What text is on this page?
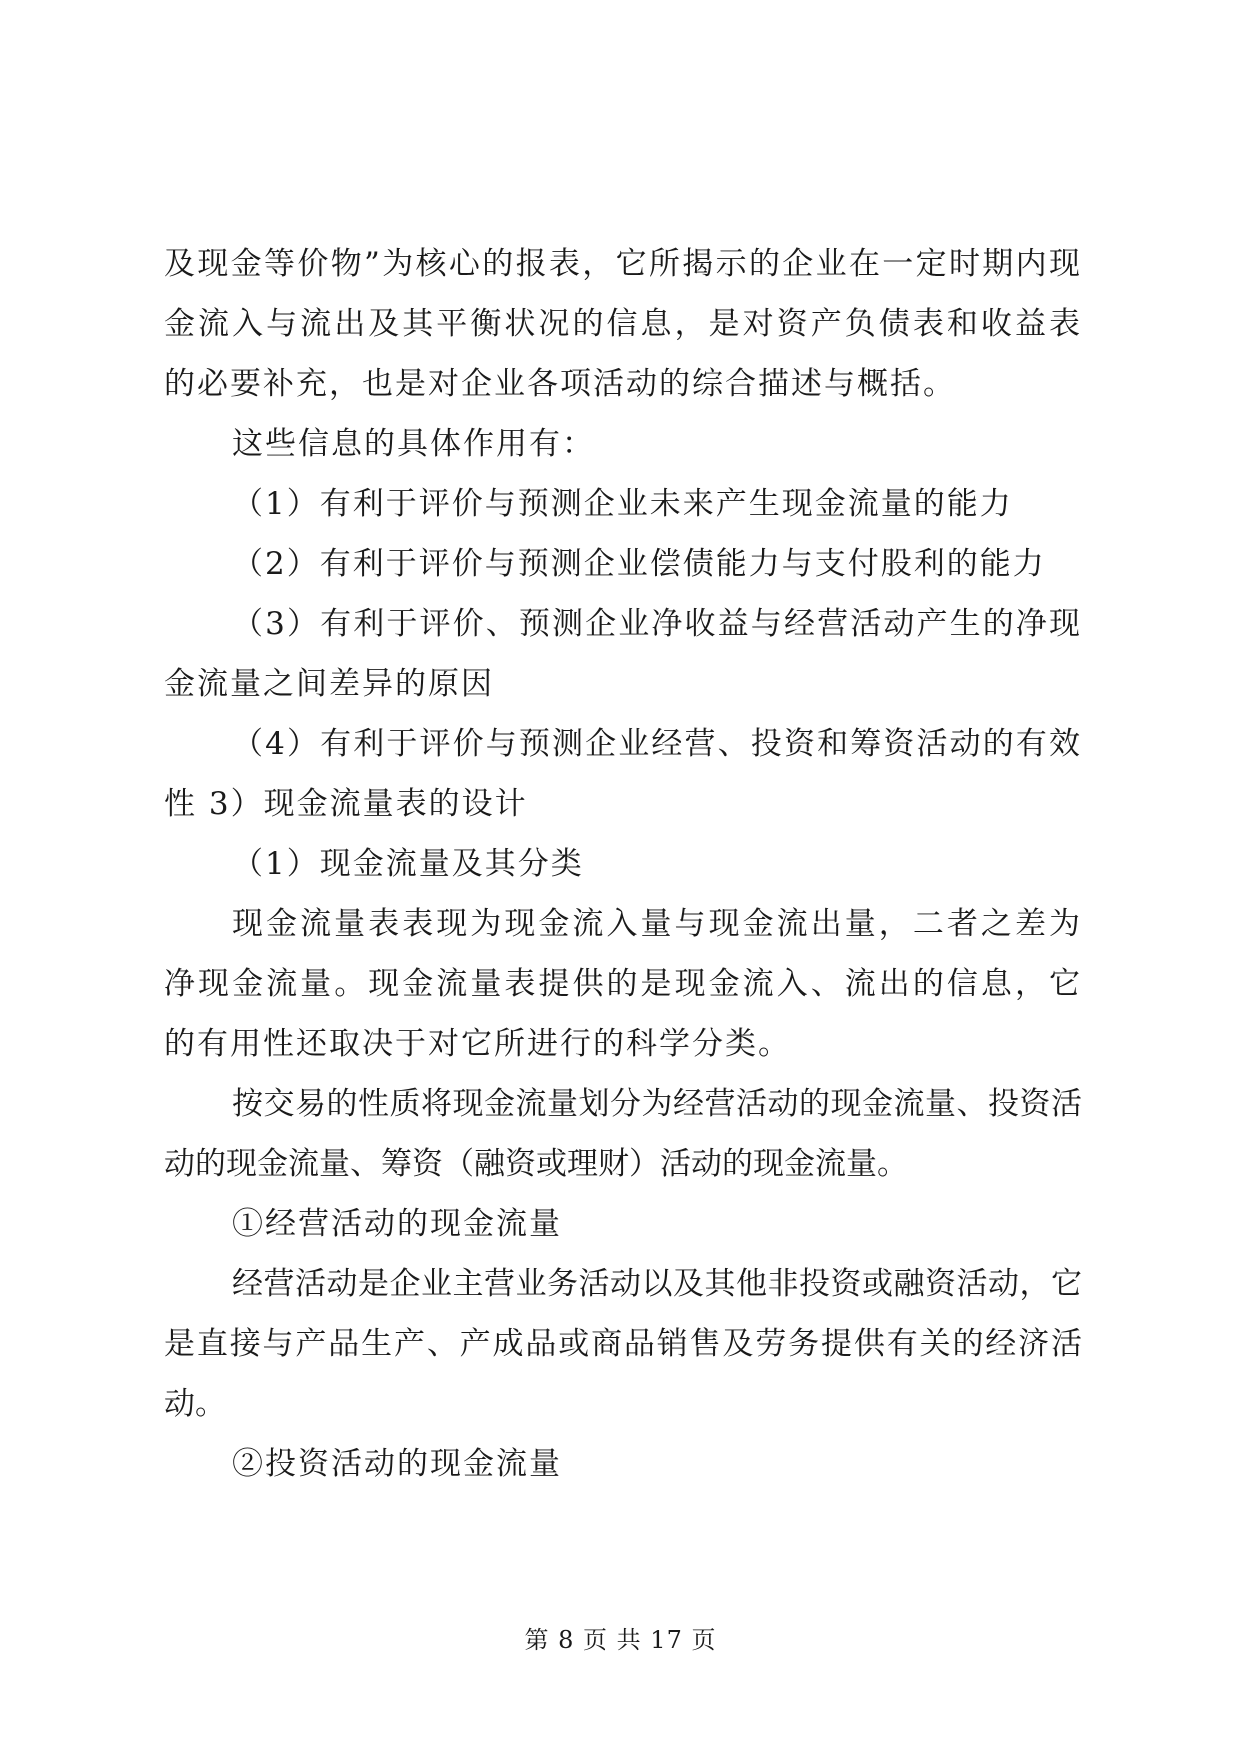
及现金等价物”为核心的报表，它所揭示的企业在一定时期内现金流入与流出及其平衡状况的信息，是对资产负债表和收益表的必要补充，也是对企业各项活动的综合描述与概括。

这些信息的具体作用有：

（1）有利于评价与预测企业未来产生现金流量的能力

（2）有利于评价与预测企业偿债能力与支付股利的能力

（3）有利于评价、预测企业净收益与经营活动产生的净现金流量之间差异的原因

（4）有利于评价与预测企业经营、投资和筹资活动的有效性 3）现金流量表的设计

（1）现金流量及其分类

现金流量表表现为现金流入量与现金流出量，二者之差为净现金流量。现金流量表提供的是现金流入、流出的信息，它的有用性还取决于对它所进行的科学分类。

按交易的性质将现金流量划分为经营活动的现金流量、投资活动的现金流量、筹资（融资或理财）活动的现金流量。

①经营活动的现金流量

经营活动是企业主营业务活动以及其他非投资或融资活动，它是直接与产品生产、产成品或商品销售及劳务提供有关的经济活动。

②投资活动的现金流量

第 8 页 共 17 页
